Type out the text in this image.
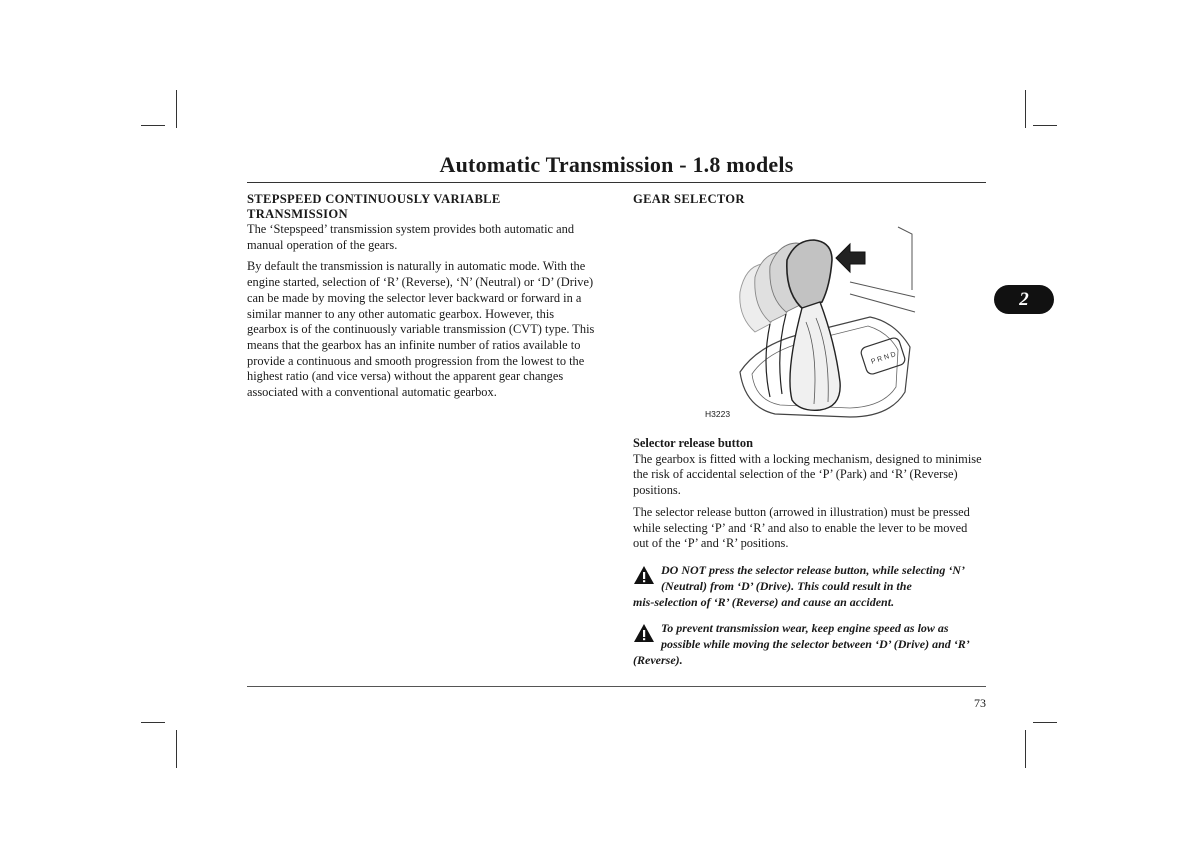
Automatic Transmission - 1.8 models
2
STEPSPEED CONTINUOUSLY VARIABLE
TRANSMISSION

The ‘Stepspeed’ transmission system provides both automatic and manual operation of the gears.

By default the transmission is naturally in automatic mode. With the engine started, selection of ‘R’ (Reverse), ‘N’ (Neutral) or ‘D’ (Drive) can be made by moving the selector lever backward or forward in a similar manner to any other automatic gearbox. However, this gearbox is of the continuously variable transmission (CVT) type. This means that the gearbox has an infinite number of ratios available to provide a continuous and smooth progression from the lowest to the highest ratio (and vice versa) without the apparent gear changes associated with a conventional automatic gearbox.

GEAR SELECTOR
P R N D
H3223
Selector release button

The gearbox is fitted with a locking mechanism, designed to minimise the risk of accidental selection of the ‘P’ (Park) and ‘R’ (Reverse) positions.

The selector release button (arrowed in illustration) must be pressed while selecting ‘P’ and ‘R’ and also to enable the lever to be moved out of the ‘P’ and ‘R’ positions.

DO NOT press the selector release button, while selecting ‘N’
(Neutral) from ‘D’ (Drive). This could result in the
mis-selection of ‘R’ (Reverse) and cause an accident.
To prevent transmission wear, keep engine speed as low as
possible while moving the selector between ‘D’ (Drive) and ‘R’
(Reverse).
73
